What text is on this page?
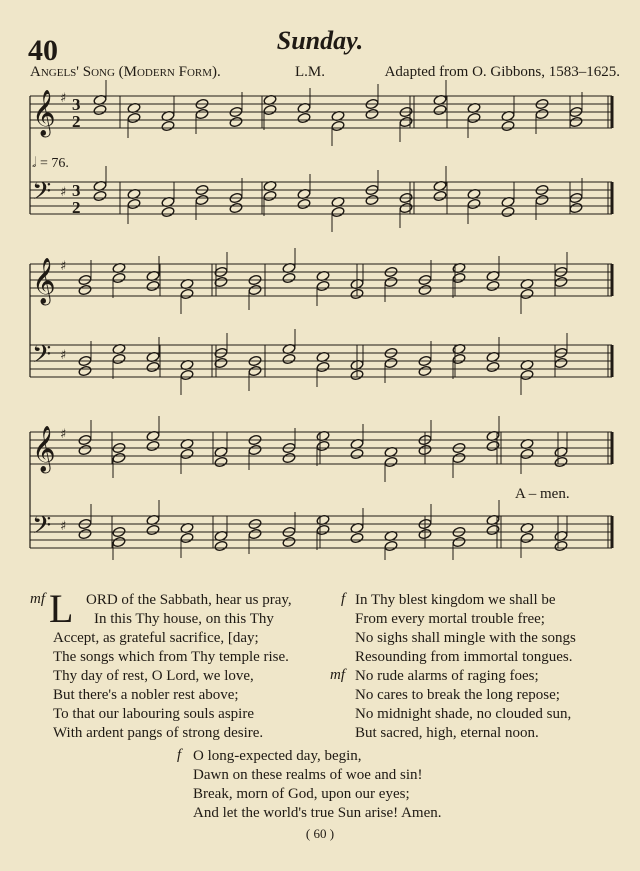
40	Sunday.
Angels' Song (Modern Form).	L.M.	Adapted from O. Gibbons, 1583–1625.
𝅗𝅥 = 76.
𝄞 ♯ 3
2
𝄢 ♯ 3
2
𝄞 ♯
𝄢 ♯
𝄞 ♯
𝄢 ♯
A – men.
mf L ORD of the Sabbath, hear us pray,
In this Thy house, on this Thy
Accept, as grateful sacrifice, [day;
The songs which from Thy temple rise.
Thy day of rest, O Lord, we love,
But there's a nobler rest above;
To that our labouring souls aspire
With ardent pangs of strong desire.
f In Thy blest kingdom we shall be
From every mortal trouble free;
No sighs shall mingle with the songs
Resounding from immortal tongues.
mf No rude alarms of raging foes;
No cares to break the long repose;
No midnight shade, no clouded sun,
But sacred, high, eternal noon.
f O long-expected day, begin,
Dawn on these realms of woe and sin!
Break, morn of God, upon our eyes;
And let the world's true Sun arise! Amen.
( 60 )
